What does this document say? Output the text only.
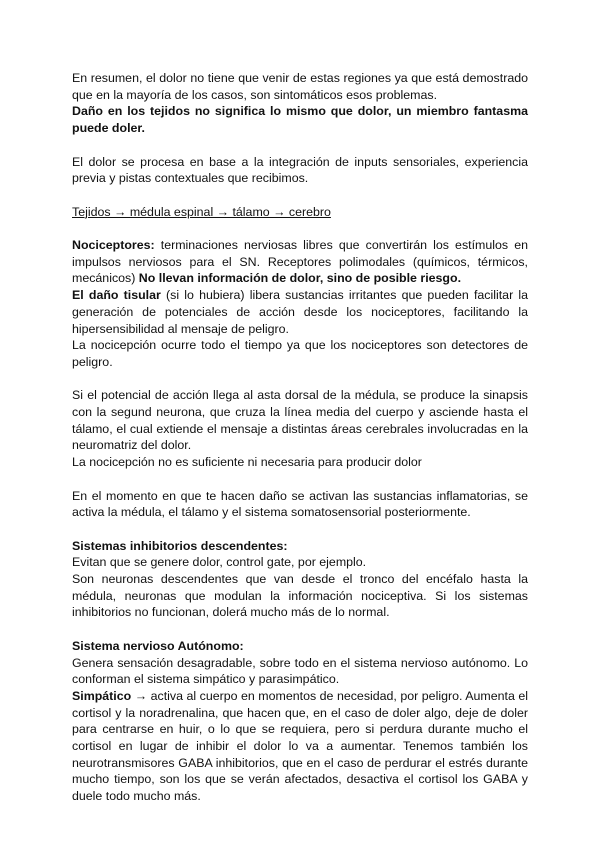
En resumen, el dolor no tiene que venir de estas regiones ya que está demostrado que en la mayoría de los casos, son sintomáticos esos problemas.

Daño en los tejidos no significa lo mismo que dolor, un miembro fantasma puede doler.

El dolor se procesa en base a la integración de inputs sensoriales, experiencia previa y pistas contextuales que recibimos.

Tejidos → médula espinal → tálamo → cerebro

Nociceptores: terminaciones nerviosas libres que convertirán los estímulos en impulsos nerviosos para el SN. Receptores polimodales (químicos, térmicos, mecánicos) No llevan información de dolor, sino de posible riesgo.

El daño tisular (si lo hubiera) libera sustancias irritantes que pueden facilitar la generación de potenciales de acción desde los nociceptores, facilitando la hipersensibilidad al mensaje de peligro.

La nocicepción ocurre todo el tiempo ya que los nociceptores son detectores de peligro.

Si el potencial de acción llega al asta dorsal de la médula, se produce la sinapsis con la segund neurona, que cruza la línea media del cuerpo y asciende hasta el tálamo, el cual extiende el mensaje a distintas áreas cerebrales involucradas en la neuromatriz del dolor.

La nocicepción no es suficiente ni necesaria para producir dolor

En el momento en que te hacen daño se activan las sustancias inflamatorias, se activa la médula, el tálamo y el sistema somatosensorial posteriormente.

Sistemas inhibitorios descendentes:

Evitan que se genere dolor, control gate, por ejemplo.

Son neuronas descendentes que van desde el tronco del encéfalo hasta la médula, neuronas que modulan la información nociceptiva. Si los sistemas inhibitorios no funcionan, dolerá mucho más de lo normal.

Sistema nervioso Autónomo:

Genera sensación desagradable, sobre todo en el sistema nervioso autónomo. Lo conforman el sistema simpático y parasimpático.

Simpático → activa al cuerpo en momentos de necesidad, por peligro. Aumenta el cortisol y la noradrenalina, que hacen que, en el caso de doler algo, deje de doler para centrarse en huir, o lo que se requiera, pero si perdura durante mucho el cortisol en lugar de inhibir el dolor lo va a aumentar. Tenemos también los neurotransmisores GABA inhibitorios, que en el caso de perdurar el estrés durante mucho tiempo, son los que se verán afectados, desactiva el cortisol los GABA y duele todo mucho más.
